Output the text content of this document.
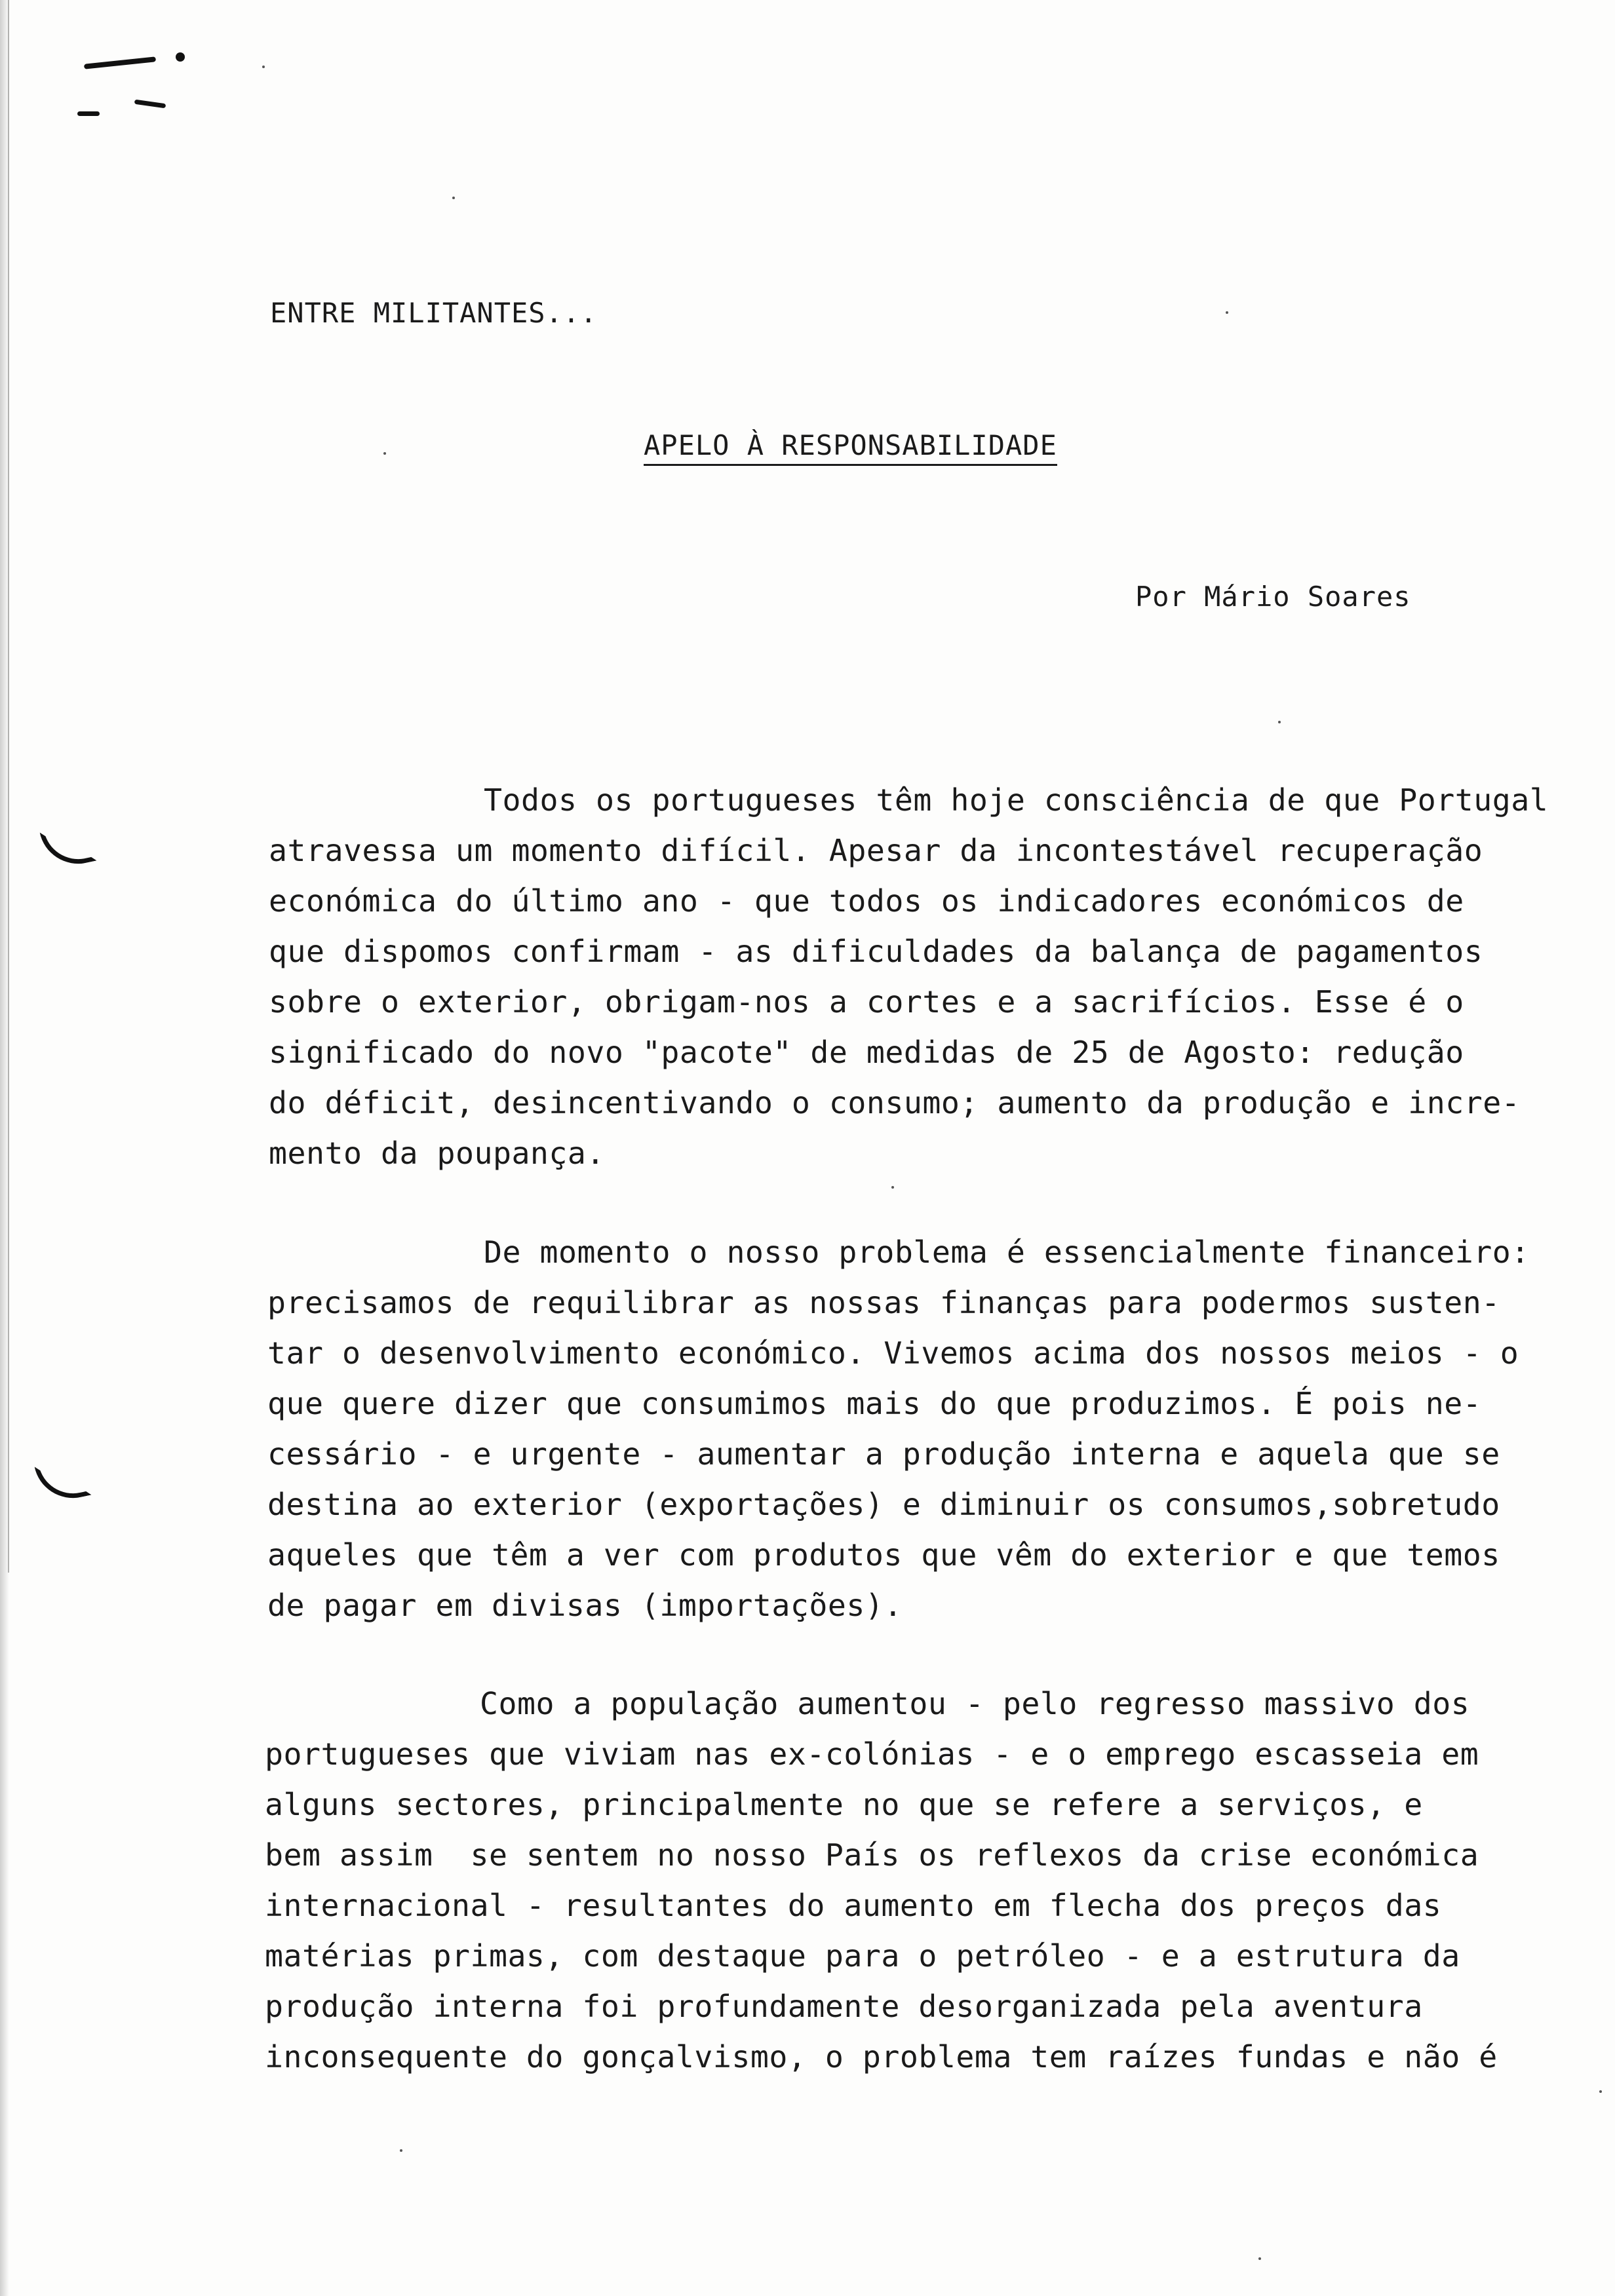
ENTRE MILITANTES...
APELO À RESPONSABILIDADE
Por Mário Soares
Todos os portugueses têm hoje consciência de que Portugal
atravessa um momento difícil. Apesar da incontestável recuperação
económica do último ano - que todos os indicadores económicos de
que dispomos confirmam - as dificuldades da balança de pagamentos
sobre o exterior, obrigam-nos a cortes e a sacrifícios. Esse é o
significado do novo "pacote" de medidas de 25 de Agosto: redução
do déficit, desincentivando o consumo; aumento da produção e incre-
mento da poupança.
De momento o nosso problema é essencialmente financeiro:
precisamos de requilibrar as nossas finanças para podermos susten-
tar o desenvolvimento económico. Vivemos acima dos nossos meios - o
que quere dizer que consumimos mais do que produzimos. É pois ne-
cessário - e urgente - aumentar a produção interna e aquela que se
destina ao exterior (exportações) e diminuir os consumos,sobretudo
aqueles que têm a ver com produtos que vêm do exterior e que temos
de pagar em divisas (importações).
Como a população aumentou - pelo regresso massivo dos
portugueses que viviam nas ex-colónias - e o emprego escasseia em
alguns sectores, principalmente no que se refere a serviços, e
bem assim  se sentem no nosso País os reflexos da crise económica
internacional - resultantes do aumento em flecha dos preços das
matérias primas, com destaque para o petróleo - e a estrutura da
produção interna foi profundamente desorganizada pela aventura
inconsequente do gonçalvismo, o problema tem raízes fundas e não é
